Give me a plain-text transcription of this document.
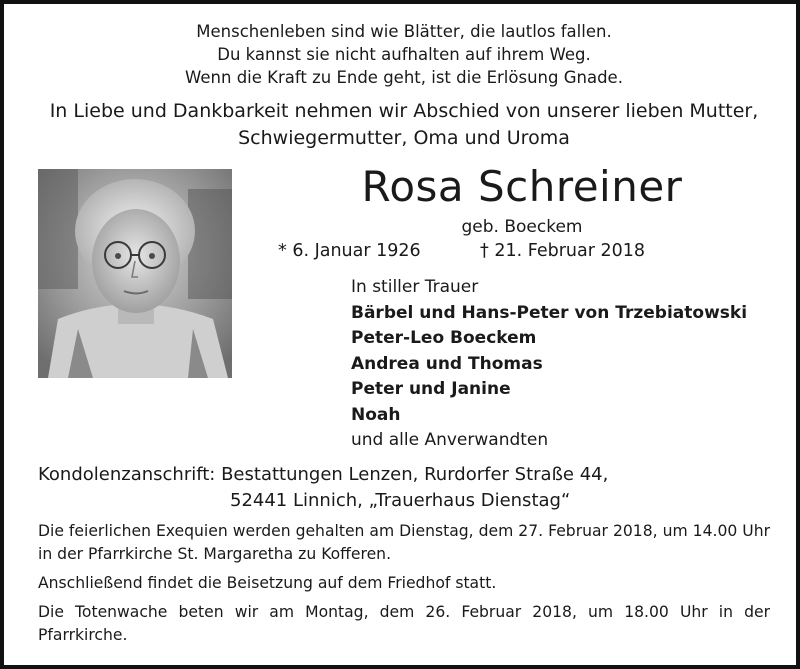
Menschenleben sind wie Blätter, die lautlos fallen.
Du kannst sie nicht aufhalten auf ihrem Weg.
Wenn die Kraft zu Ende geht, ist die Erlösung Gnade.
In Liebe und Dankbarkeit nehmen wir Abschied von unserer lieben Mutter,
Schwiegermutter, Oma und Uroma
Rosa Schreiner
geb. Boeckem
* 6. Januar 1926	† 21. Februar 2018
In stiller Trauer
Bärbel und Hans-Peter von Trzebiatowski
Peter-Leo Boeckem
Andrea und Thomas
Peter und Janine
Noah
und alle Anverwandten
Kondolenzanschrift: Bestattungen Lenzen, Rurdorfer Straße 44,
52441 Linnich, „Trauerhaus Dienstag“

Die feierlichen Exequien werden gehalten am Dienstag, dem 27. Februar 2018, um 14.00 Uhr in der Pfarrkirche St. Margaretha zu Kofferen.

Anschließend findet die Beisetzung auf dem Friedhof statt.

Die Totenwache beten wir am Montag, dem 26. Februar 2018, um 18.00 Uhr in der Pfarrkirche.
